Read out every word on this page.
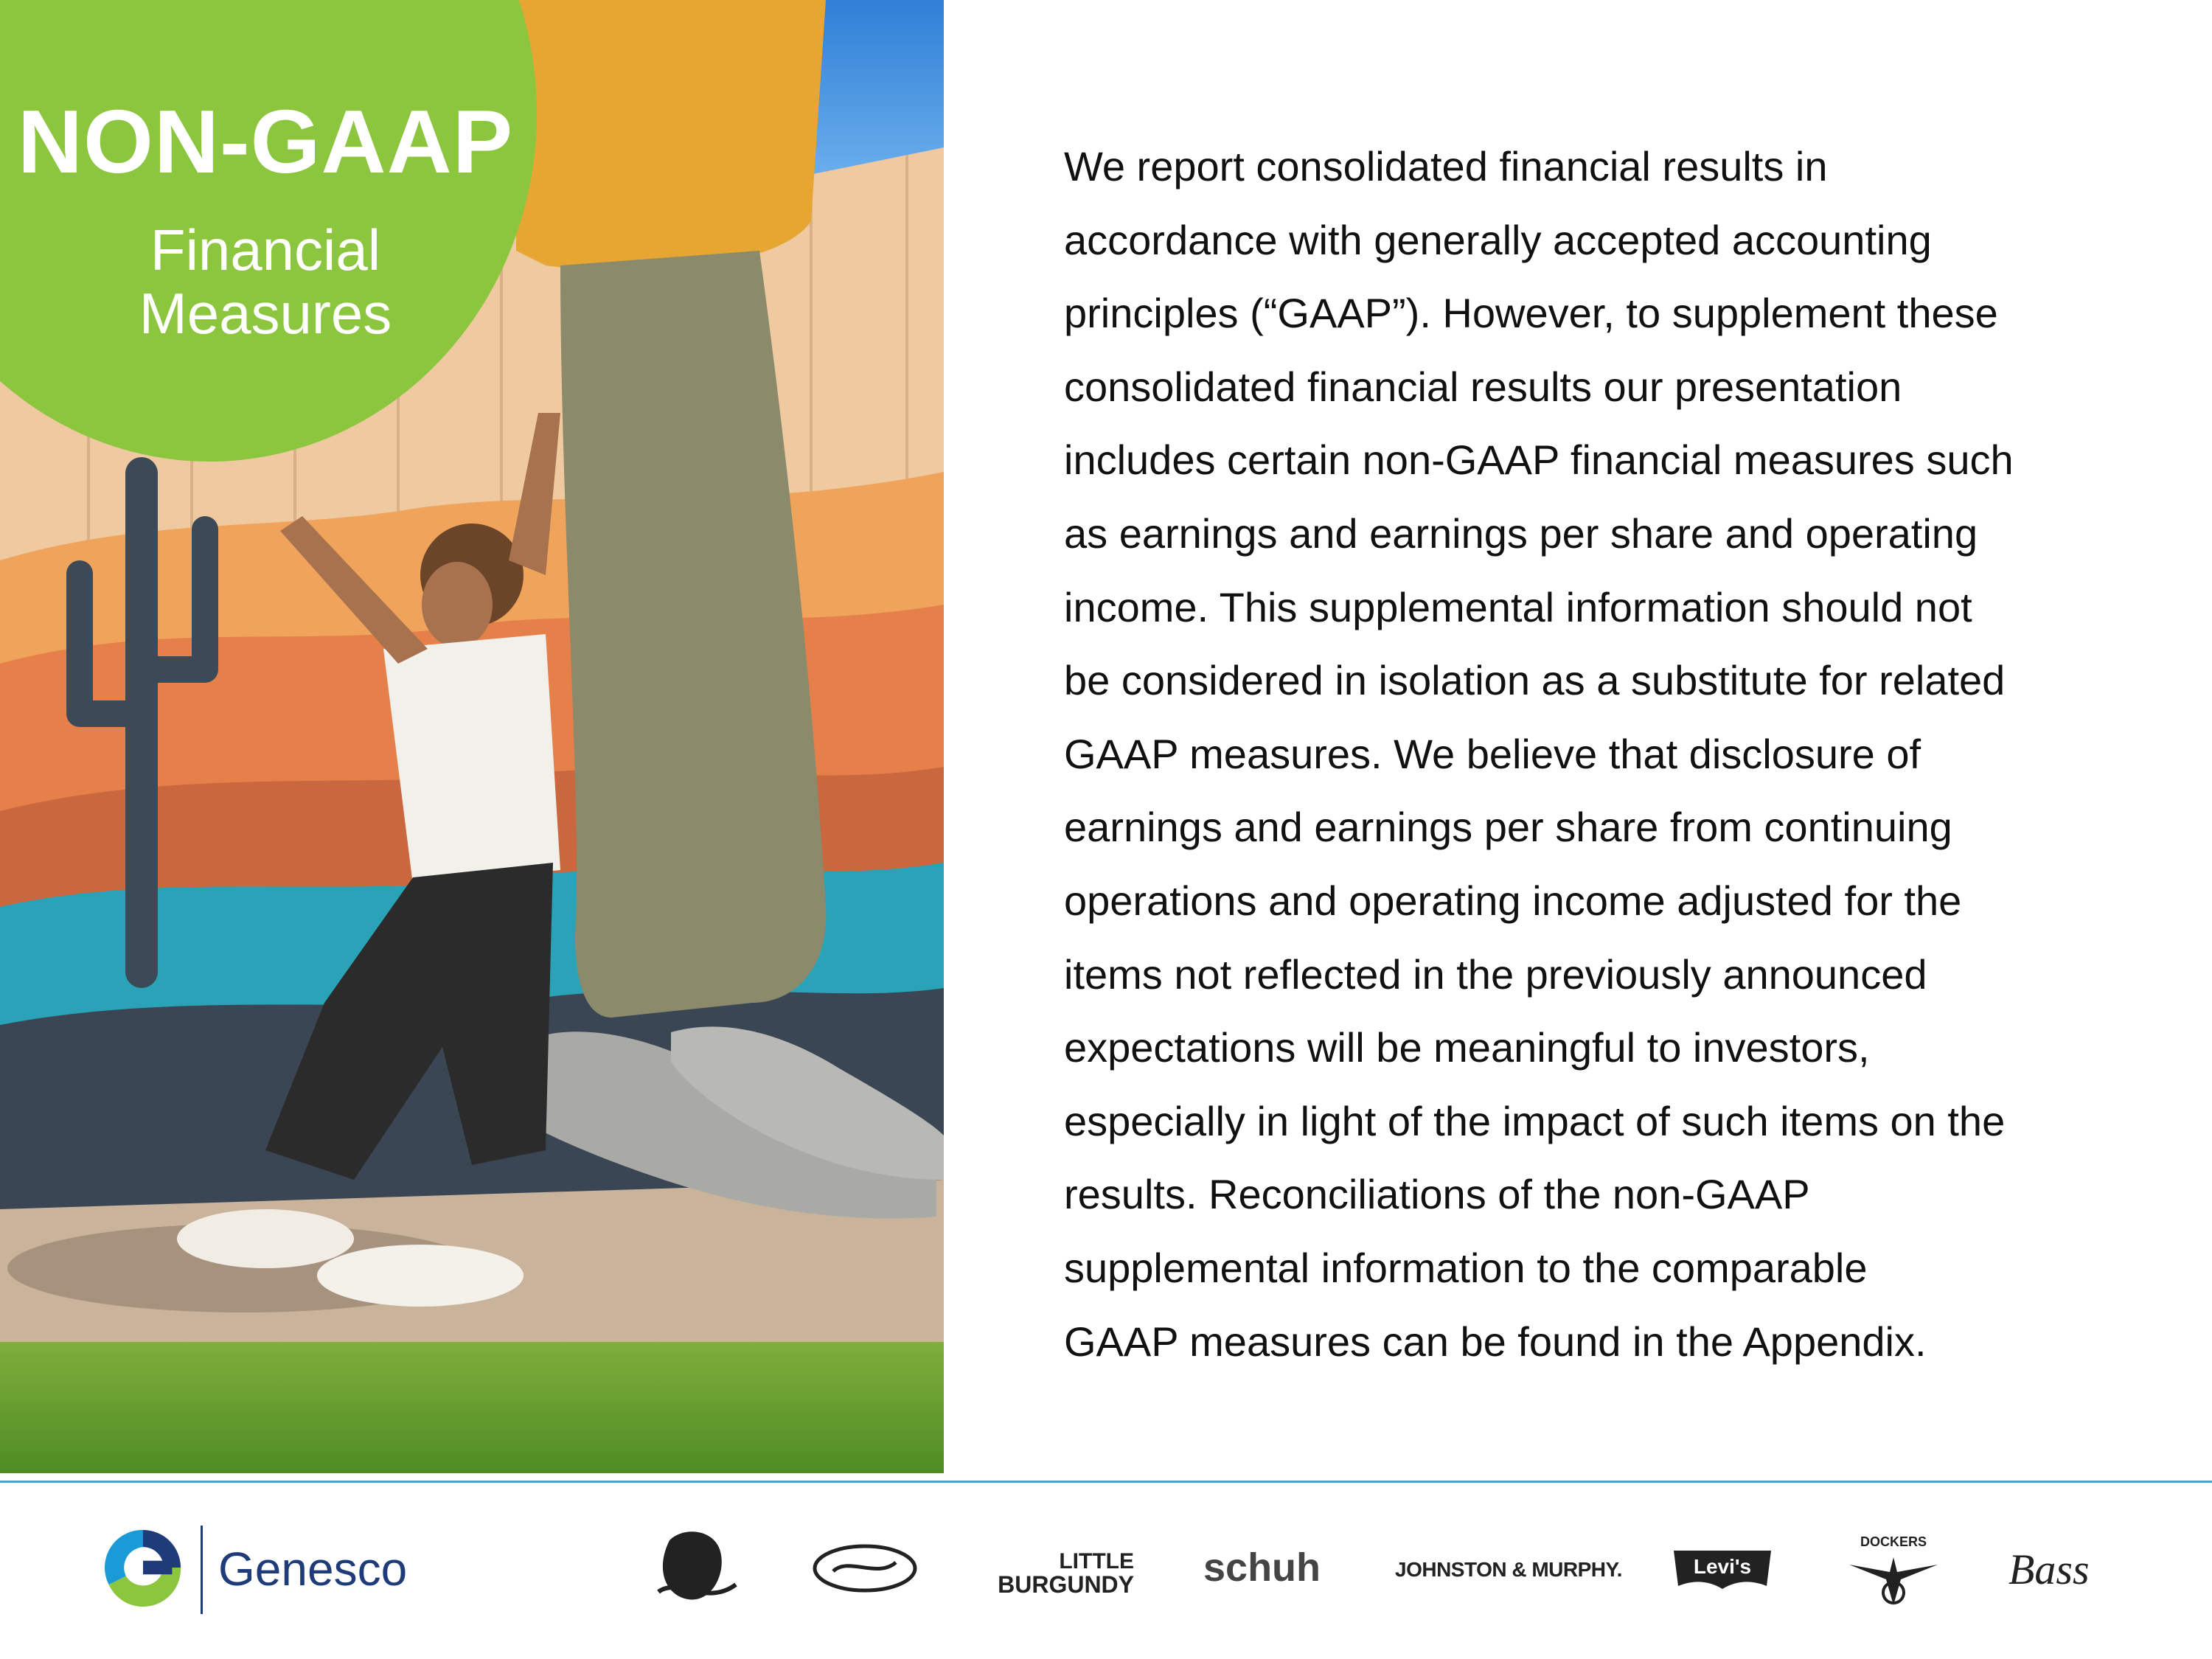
NON-GAAP
Financial
Measures
We report consolidated financial results in
accordance with generally accepted accounting
principles (“GAAP”). However, to supplement these
consolidated financial results our presentation
includes certain non-GAAP financial measures such
as earnings and earnings per share and operating
income. This supplemental information should not
be considered in isolation as a substitute for related
GAAP measures. We believe that disclosure of
earnings and earnings per share from continuing
operations and operating income adjusted for the
items not reflected in the previously announced
expectations will be meaningful to investors,
especially in light of the impact of such items on the
results. Reconciliations of the non-GAAP
supplemental information to the comparable
GAAP measures can be found in the Appendix.
Genesco	LITTLE
BURGUNDY schuh	JOHNSTON & MURPHY.	Levi's
DOCKERS
Bass
